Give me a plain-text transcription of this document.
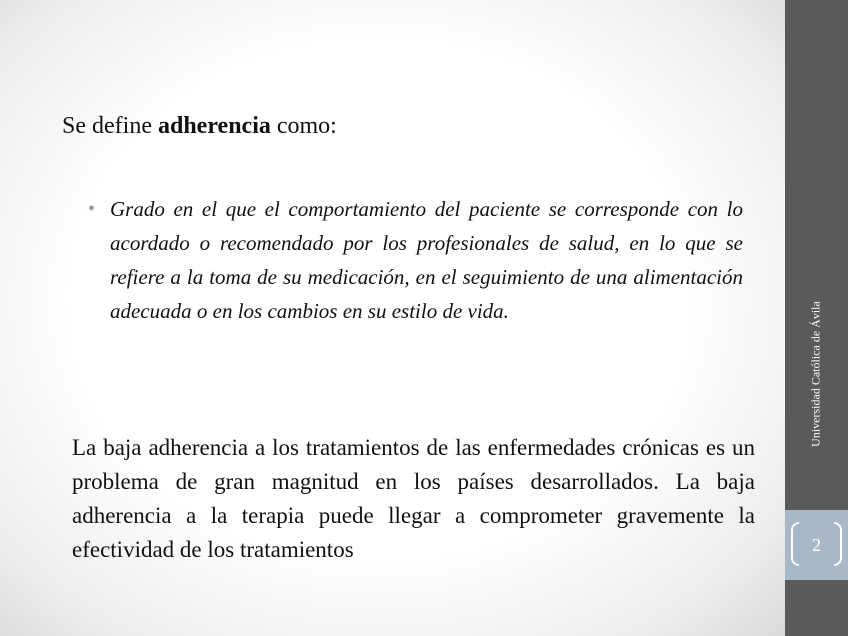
Se define adherencia como:
• Grado en el que el comportamiento del paciente se corresponde con lo acordado o recomendado por los profesionales de salud, en lo que se refiere a la toma de su medicación, en el seguimiento de una alimentación adecuada o en los cambios en su estilo de vida.
La baja adherencia a los tratamientos de las enfermedades crónicas es un problema de gran magnitud en los países desarrollados. La baja adherencia a la terapia puede llegar a comprometer gravemente la efectividad de los tratamientos
Universidad Católica de Ávila
2
